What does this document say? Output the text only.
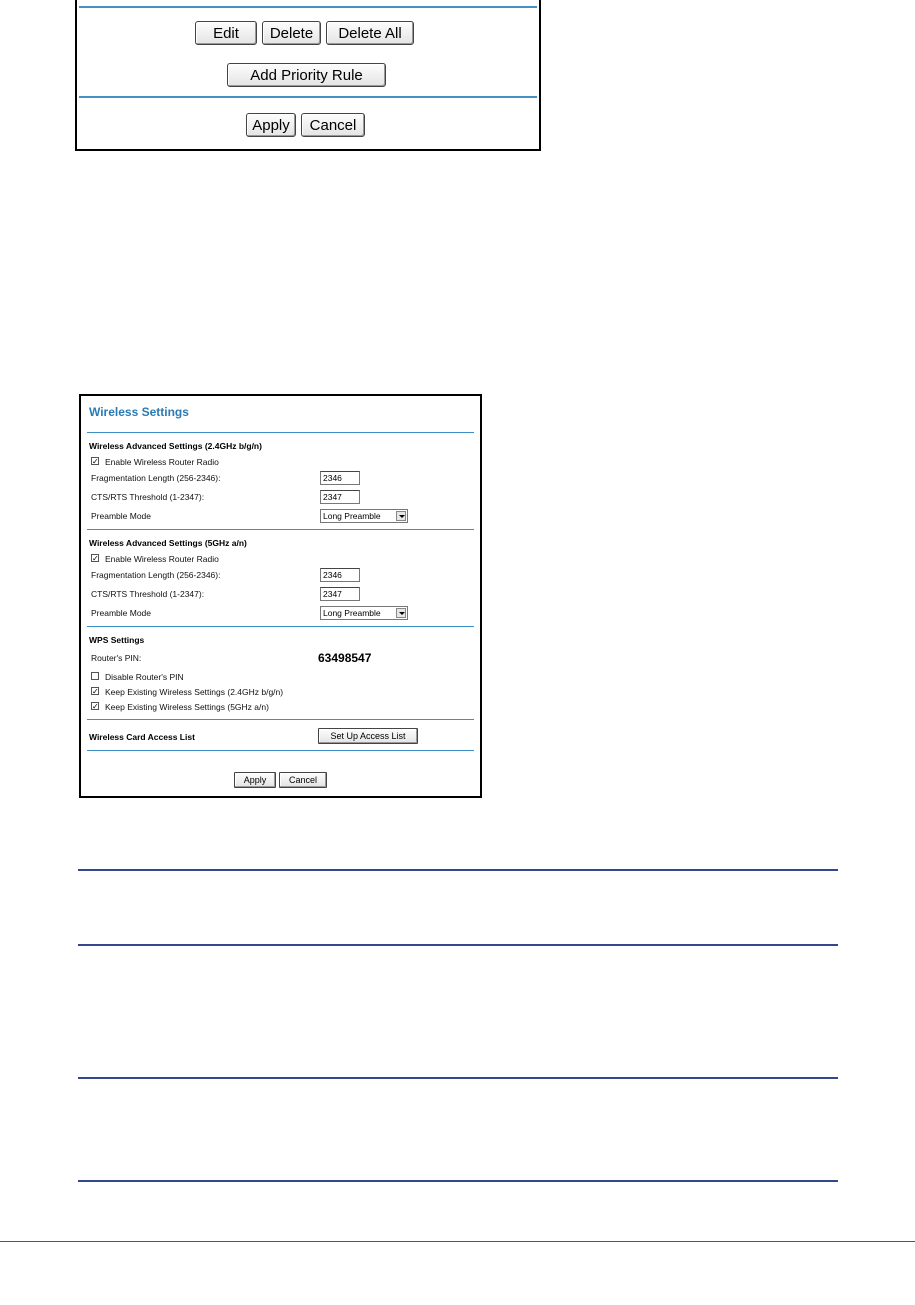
Edit	Delete	Delete All
Add Priority Rule
Apply	Cancel
Wireless Settings
Wireless Advanced Settings (2.4GHz b/g/n)
✓ Enable Wireless Router Radio
Fragmentation Length (256-2346):	2346
CTS/RTS Threshold (1-2347):	2347
Preamble Mode	Long Preamble
Wireless Advanced Settings (5GHz a/n)
✓ Enable Wireless Router Radio
Fragmentation Length (256-2346):	2346
CTS/RTS Threshold (1-2347):	2347
Preamble Mode	Long Preamble
WPS Settings
Router's PIN:	63498547
Disable Router's PIN
✓ Keep Existing Wireless Settings (2.4GHz b/g/n)
✓ Keep Existing Wireless Settings (5GHz a/n)
Wireless Card Access List	Set Up Access List
Apply	Cancel
